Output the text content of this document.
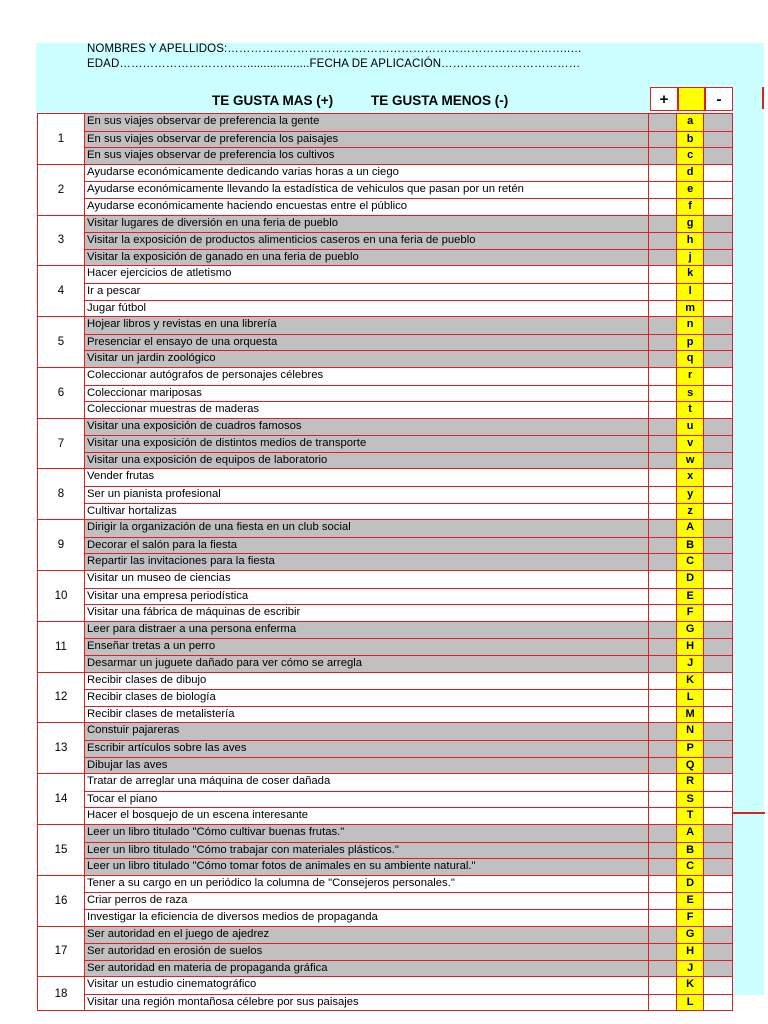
NOMBRES Y APELLIDOS:……………………………………………………………………………..…
EDAD……………………………...................FECHA DE APLICACIÓN………………………………
TE GUSTA MAS (+)	TE GUSTA MENOS (-)	+	-
1
En sus viajes observar de preferencia la gente	a
En sus viajes observar de preferencia los paisajes	b
En sus viajes observar de preferencia los cultivos	c
2
Ayudarse económicamente dedicando varias horas a un ciego	d
Ayudarse económicamente llevando la estadística de vehiculos que pasan por un retén	e
Ayudarse económicamente haciendo encuestas entre el público	f
3
Visitar lugares de diversión en una feria de pueblo	g
Visitar la exposición de productos alimenticios caseros en una feria de pueblo	h
Visitar la exposición de ganado en una feria de pueblo	j
4
Hacer ejercicios de atletismo	k
Ir a pescar	l
Jugar fútbol	m
5
Hojear libros y revistas en una librería	n
Presenciar el ensayo de una orquesta	p
Visitar un jardin zoológico	q
6
Coleccionar autógrafos de personajes célebres	r
Coleccionar mariposas	s
Coleccionar muestras de maderas	t
7
Visitar una exposición de cuadros famosos	u
Visitar una exposición de distintos medios de transporte	v
Visitar una exposición de equipos de laboratorio	w
8
Vender frutas	x
Ser un pianista profesional	y
Cultivar hortalizas	z
9
Dirigir la organización de una fiesta en un club social	A
Decorar el salón para la fiesta	B
Repartir las invitaciones para la fiesta	C
10
Visitar un museo de ciencias	D
Visitar una empresa periodística	E
Visitar una fábrica de máquinas de escribir	F
11
Leer para distraer a una persona enferma	G
Enseñar tretas a un perro	H
Desarmar un juguete dañado para ver cómo se arregla	J
12
Recibir clases de dibujo	K
Recibir clases de biología	L
Recibir clases de metalistería	M
13
Constuir pajareras	N
Escribir artículos sobre las aves	P
Dibujar las aves	Q
14
Tratar de arreglar una máquina de coser dañada	R
Tocar el piano	S
Hacer el bosquejo de un escena interesante	T
15
Leer un libro titulado "Cómo cultivar buenas frutas."	A
Leer un libro titulado "Cómo trabajar con materiales plásticos."	B
Leer un libro titulado "Cómo tomar fotos de animales en su ambiente natural."	C
16
Tener a su cargo en un periódico la columna de "Consejeros personales."	D
Criar perros de raza	E
Investigar la eficiencia de diversos medios de propaganda	F
17
Ser autoridad en el juego de ajedrez	G
Ser autoridad en erosión de suelos	H
Ser autoridad en materia de propaganda gráfica	J
18
Visitar un estudio cinematográfico	K
Visitar una región montañosa célebre por sus paisajes	L
